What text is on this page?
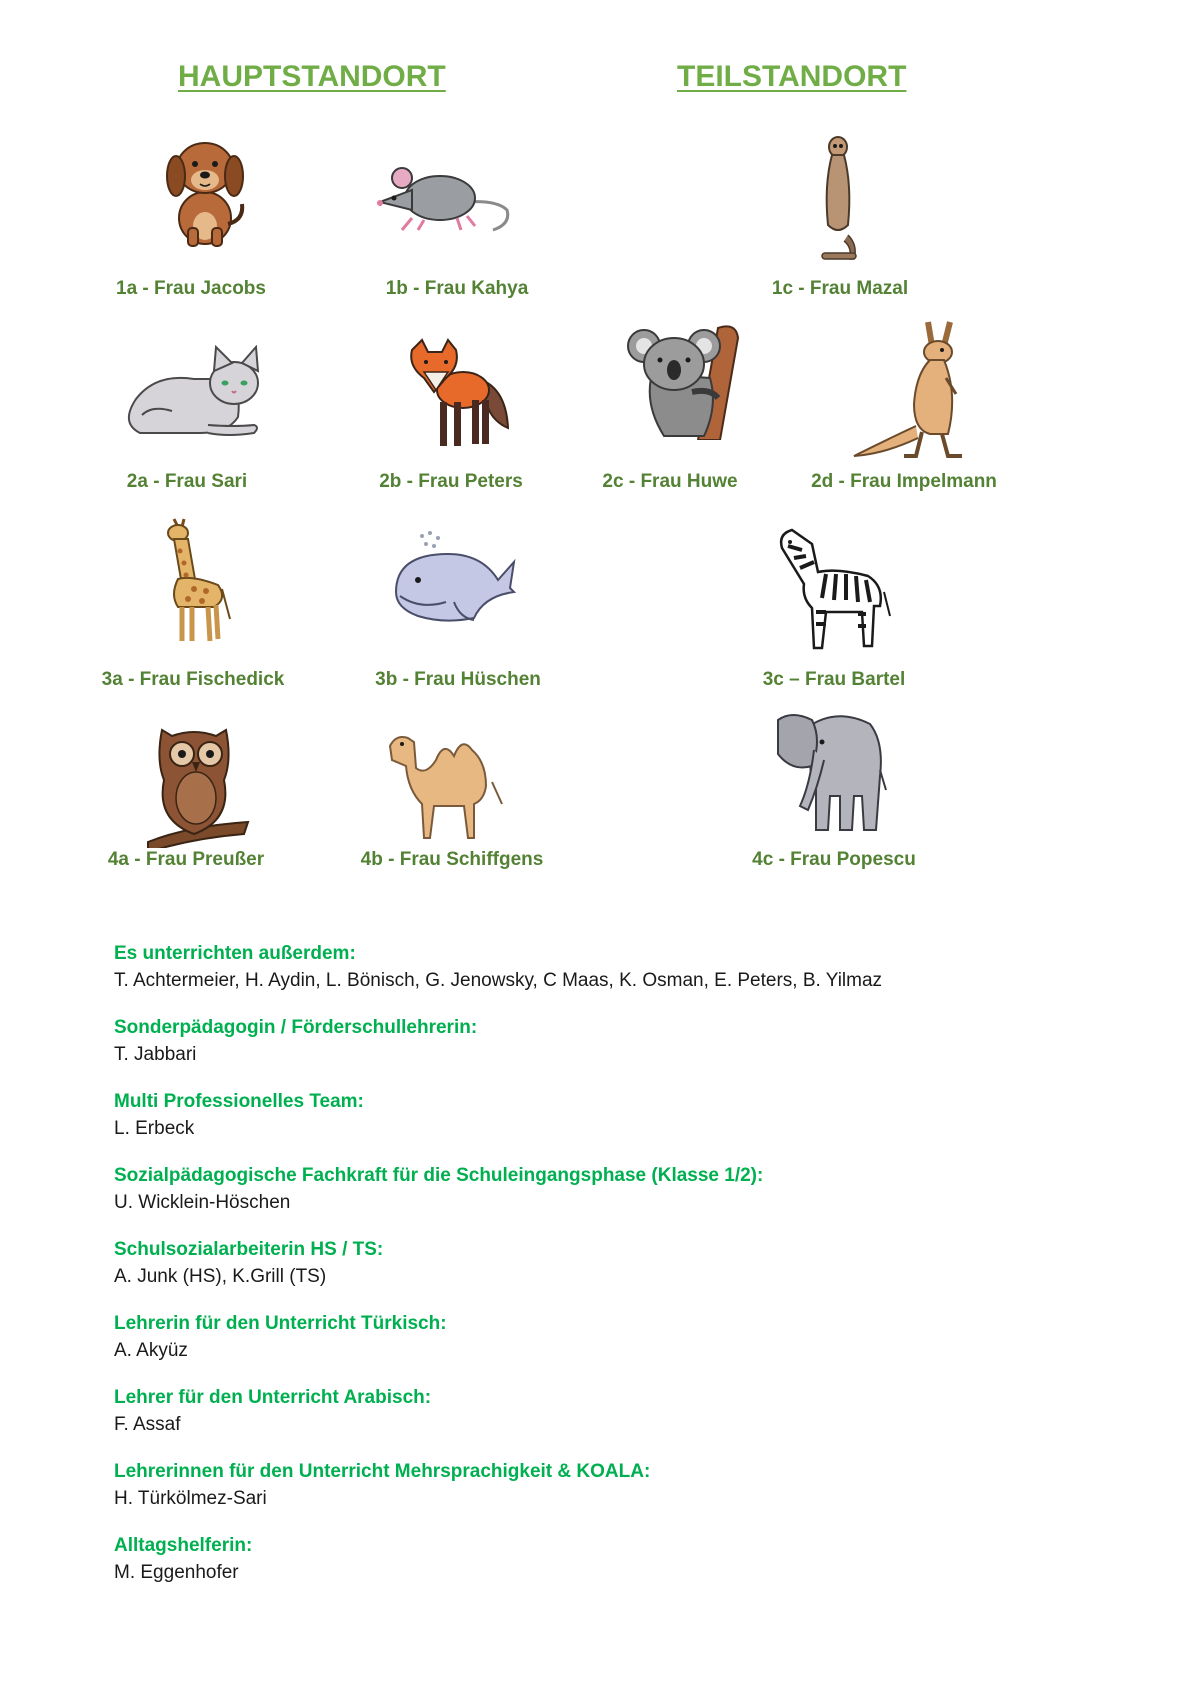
HAUPTSTANDORT	TEILSTANDORT
1a - Frau Jacobs	1b - Frau Kahya	1c - Frau Mazal
2a - Frau Sari	2b - Frau Peters	2c - Frau Huwe	2d - Frau Impelmann
3a - Frau Fischedick	3b - Frau Hüschen	3c – Frau Bartel
4a - Frau Preußer	4b - Frau Schiffgens	4c - Frau Popescu
Es unterrichten außerdem:
T. Achtermeier, H. Aydin, L. Bönisch, G. Jenowsky, C Maas, K. Osman, E. Peters, B. Yilmaz
Sonderpädagogin / Förderschullehrerin:
T. Jabbari
Multi Professionelles Team:
L. Erbeck
Sozialpädagogische Fachkraft für die Schuleingangsphase (Klasse 1/2):
U. Wicklein-Höschen
Schulsozialarbeiterin HS / TS:
A. Junk (HS), K.Grill (TS)
Lehrerin für den Unterricht Türkisch:
A. Akyüz
Lehrer für den Unterricht Arabisch:
F. Assaf
Lehrerinnen für den Unterricht Mehrsprachigkeit & KOALA:
H. Türkölmez-Sari
Alltagshelferin:
M. Eggenhofer
